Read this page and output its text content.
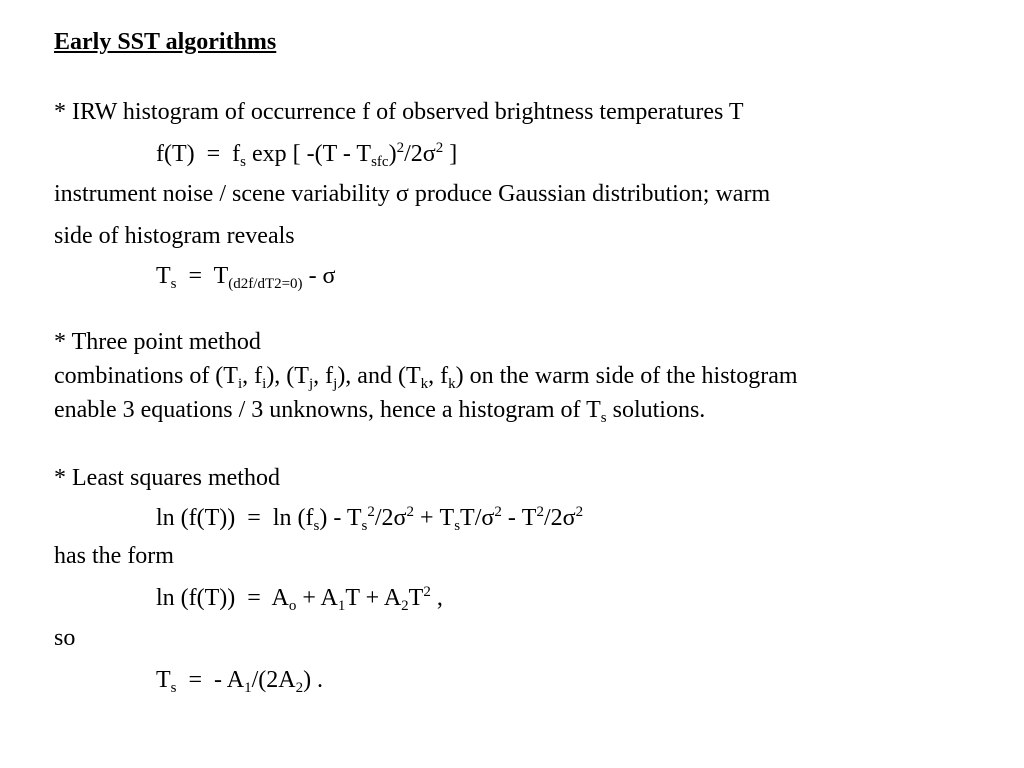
Early SST algorithms
* IRW histogram of occurrence f of observed brightness temperatures T
$f(T) = f_s$ exp [ $-(T - T_{sfc})^2/2\sigma^2$ ]
instrument noise / scene variability σ produce Gaussian distribution; warm
side of histogram reveals
$T_s = T_{(d2f/dT2=0)} - \sigma$
* Three point method
combinations of ($T_i$, $f_i$), ($T_j$, $f_j$), and ($T_k$, $f_k$) on the warm side of the histogram
enable 3 equations / 3 unknowns, hence a histogram of $T_s$ solutions.
* Least squares method
$\ln (f(T)) = \ln (f_s) - T_s^2/2\sigma^2 + T_sT/\sigma^2 - T^2/2\sigma^2$
has the form
$\ln (f(T)) = A_o + A_1T + A_2T^2$ ,
so
$T_s$  =  - $A_1/(2A_2)$ .
